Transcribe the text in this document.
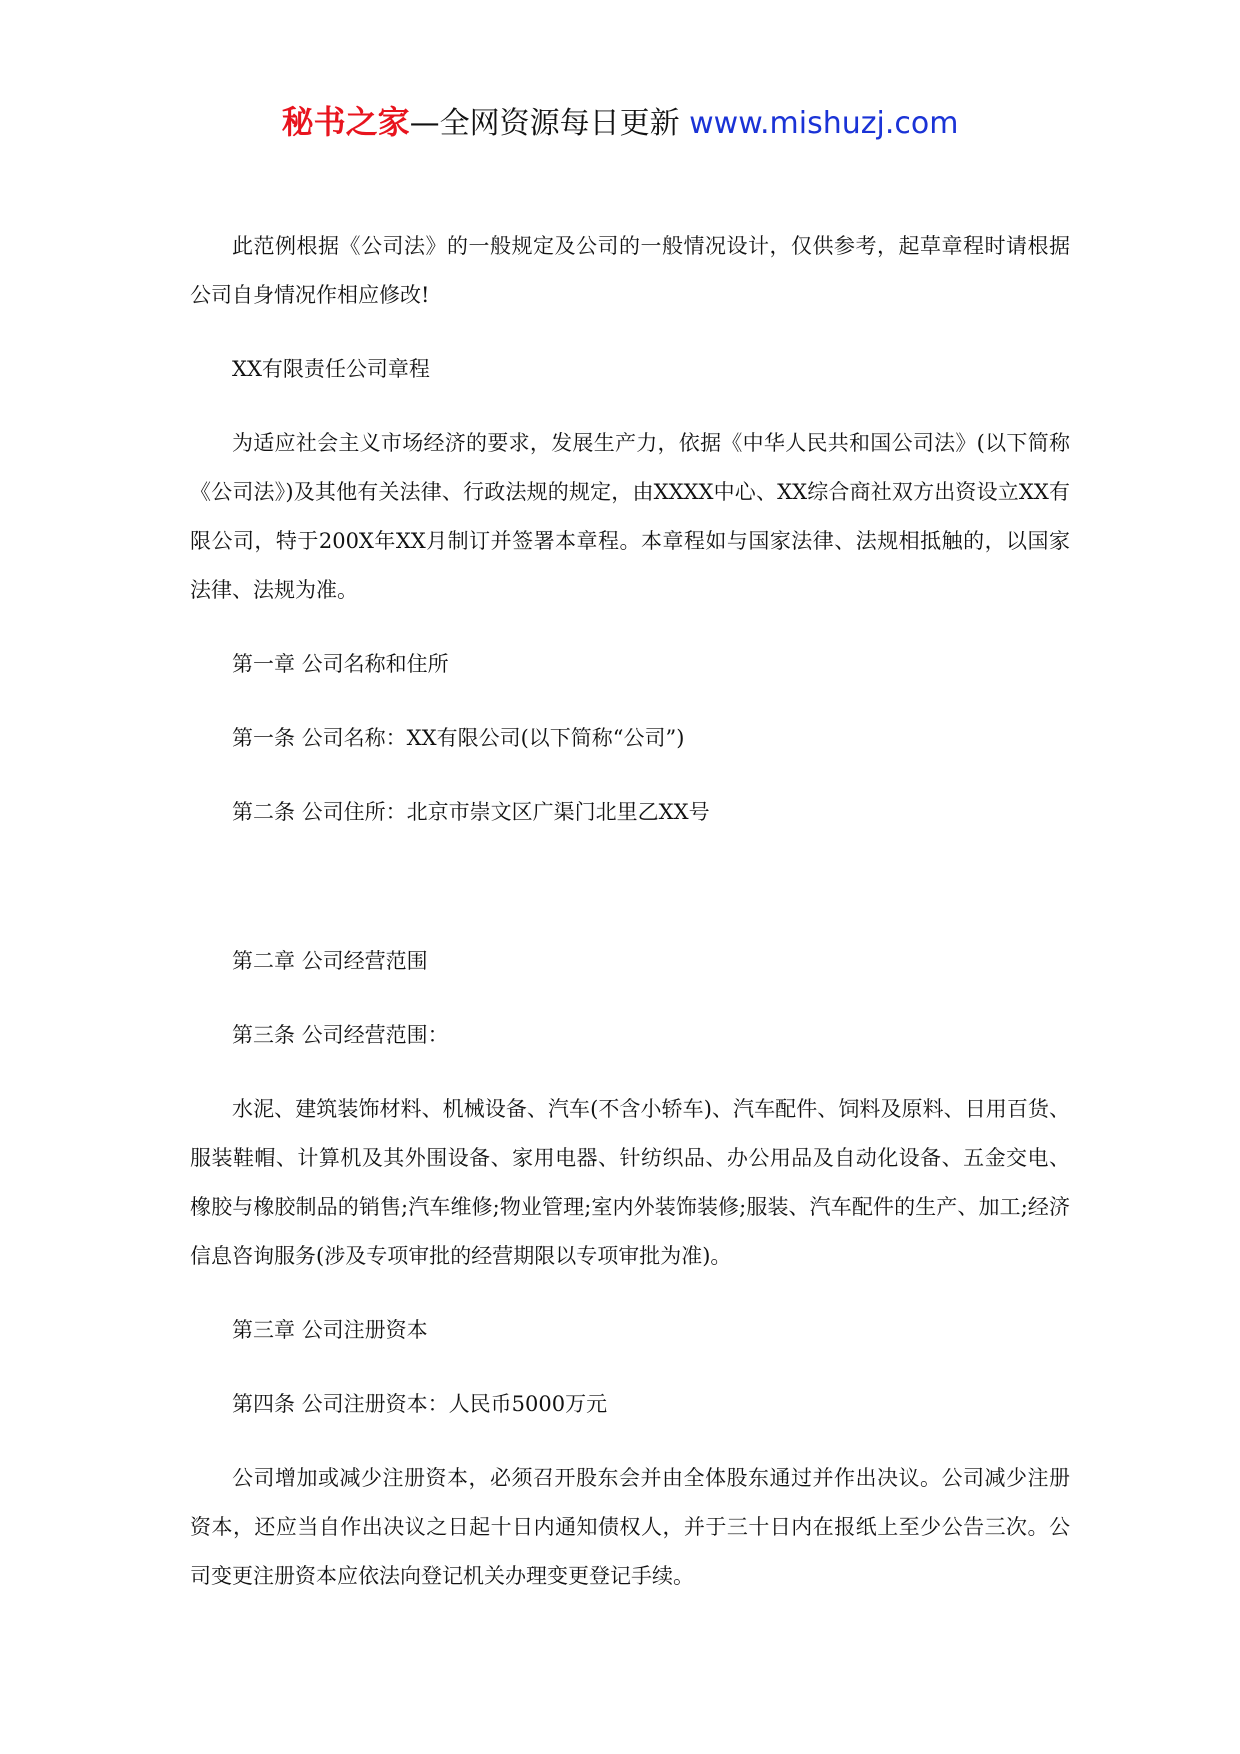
秘书之家—全网资源每日更新 www.mishuzj.com

此范例根据《公司法》的一般规定及公司的一般情况设计，仅供参考，起草章程时请根据公司自身情况作相应修改!

XX有限责任公司章程

为适应社会主义市场经济的要求，发展生产力，依据《中华人民共和国公司法》(以下简称《公司法》)及其他有关法律、行政法规的规定，由XXXX中心、XX综合商社双方出资设立XX有限公司，特于200X年XX月制订并签署本章程。本章程如与国家法律、法规相抵触的，以国家法律、法规为准。

第一章 公司名称和住所

第一条 公司名称：XX有限公司(以下简称“公司”)

第二条 公司住所：北京市崇文区广渠门北里乙XX号

第二章 公司经营范围

第三条 公司经营范围：

水泥、建筑装饰材料、机械设备、汽车(不含小轿车)、汽车配件、饲料及原料、日用百货、服装鞋帽、计算机及其外围设备、家用电器、针纺织品、办公用品及自动化设备、五金交电、橡胶与橡胶制品的销售;汽车维修;物业管理;室内外装饰装修;服装、汽车配件的生产、加工;经济信息咨询服务(涉及专项审批的经营期限以专项审批为准)。

第三章 公司注册资本

第四条 公司注册资本：人民币5000万元

公司增加或减少注册资本，必须召开股东会并由全体股东通过并作出决议。公司减少注册资本，还应当自作出决议之日起十日内通知债权人，并于三十日内在报纸上至少公告三次。公司变更注册资本应依法向登记机关办理变更登记手续。
